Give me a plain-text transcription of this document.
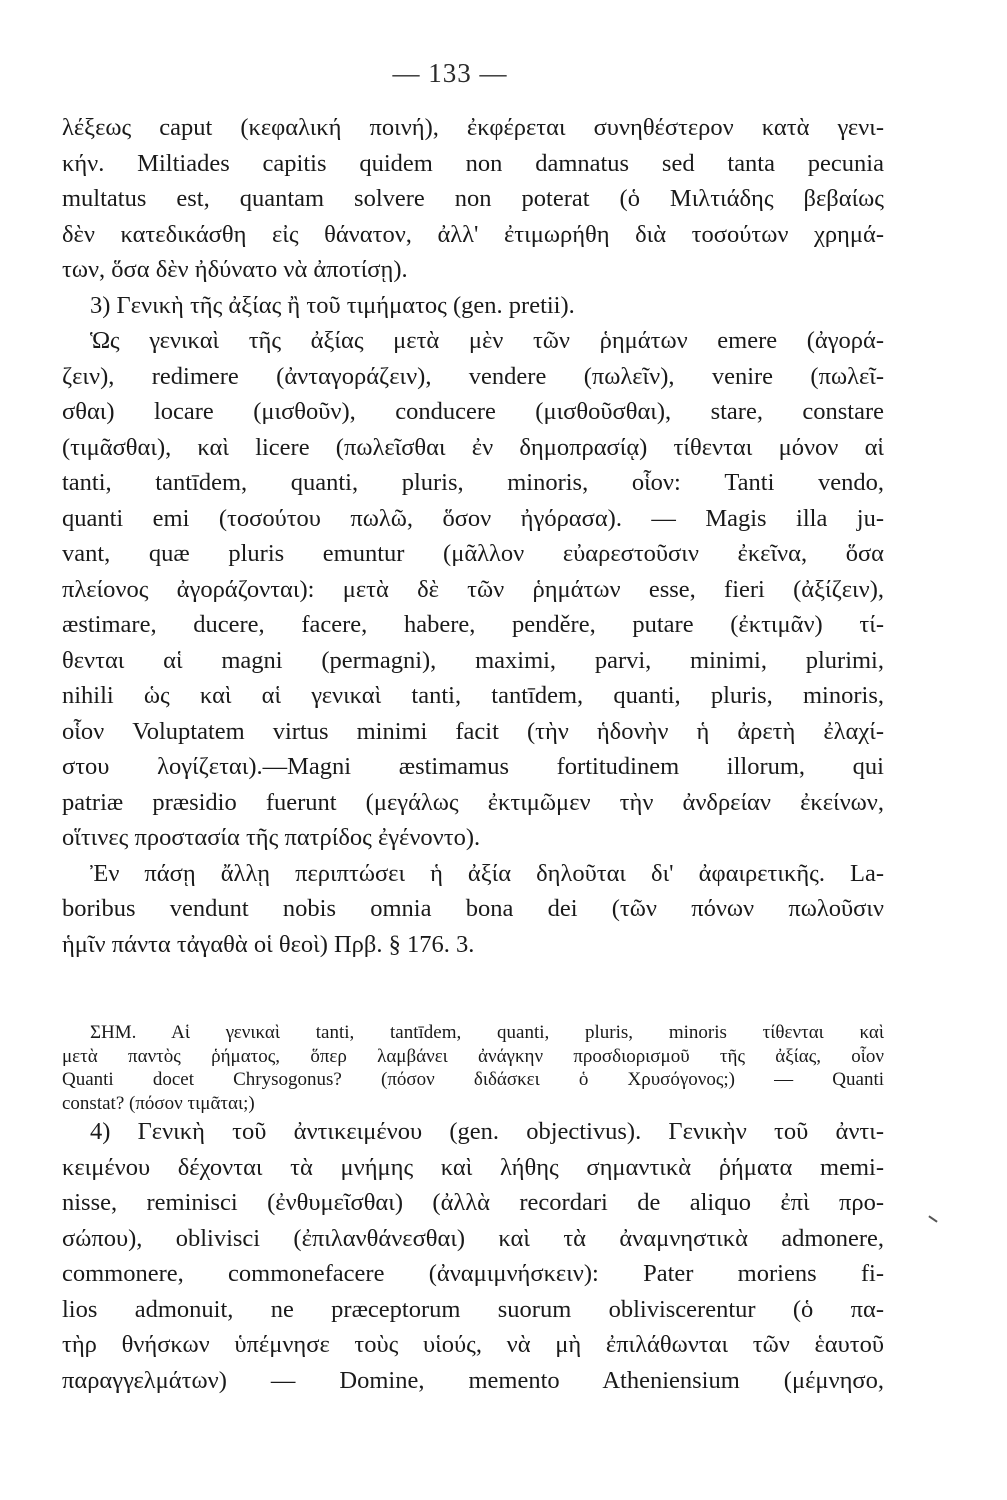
— 133 —
λέξεως caput (κεφαλική ποινή), ἐκφέρεται συνηθέστερον κατὰ γενι-
κήν. Miltiades capitis quidem non damnatus sed tanta pecunia
multatus est, quantam solvere non poterat (ὁ Μιλτιάδης βεβαίως
δὲν κατεδικάσθη εἰς θάνατον, ἀλλ' ἐτιμωρήθη διὰ τοσούτων χρημά-
των, ὅσα δὲν ἠδύνατο νὰ ἀποτίσῃ).
3) Γενικὴ τῆς ἀξίας ἢ τοῦ τιμήματος (gen. pretii).
Ὡς γενικαὶ τῆς ἀξίας μετὰ μὲν τῶν ῥημάτων emere (ἀγορά-
ζειν), redimere (ἀνταγοράζειν), vendere (πωλεῖν), venire (πωλεῖ-
σθαι) locare (μισθοῦν), conducere (μισθοῦσθαι), stare, constare
(τιμᾶσθαι), καὶ licere (πωλεῖσθαι ἐν δημοπρασίᾳ) τίθενται μόνον αἱ
tanti, tantīdem, quanti, pluris, minoris, οἷον: Tanti vendo,
quanti emi (τοσούτου πωλῶ, ὅσον ἠγόρασα). — Magis illa ju-
vant, quæ pluris emuntur (μᾶλλον εὐαρεστοῦσιν ἐκεῖνα, ὅσα
πλείονος ἀγοράζονται): μετὰ δὲ τῶν ῥημάτων esse, fieri (ἀξίζειν),
æstimare, ducere, facere, habere, penděre, putare (ἐκτιμᾶν) τί-
θενται αἱ magni (permagni), maximi, parvi, minimi, plurimi,
nihili ὡς καὶ αἱ γενικαὶ tanti, tantīdem, quanti, pluris, minoris,
οἷον Voluptatem virtus minimi facit (τὴν ἡδονὴν ἡ ἀρετὴ ἐλαχί-
στου λογίζεται).—Magni æstimamus fortitudinem illorum, qui
patriæ præsidio fuerunt (μεγάλως ἐκτιμῶμεν τὴν ἀνδρείαν ἐκείνων,
οἵτινες προστασία τῆς πατρίδος ἐγένοντο).
Ἐν πάσῃ ἄλλῃ περιπτώσει ἡ ἀξία δηλοῦται δι' ἀφαιρετικῆς. La-
boribus vendunt nobis omnia bona dei (τῶν πόνων πωλοῦσιν
ἡμῖν πάντα τἀγαθὰ οἱ θεοὶ) Πρβ. § 176. 3.
ΣΗΜ. Αἱ γενικαὶ tanti, tantīdem, quanti, pluris, minoris τίθενται καὶ
μετὰ παντὸς ῥήματος, ὅπερ λαμβάνει ἀνάγκην προσδιορισμοῦ τῆς ἀξίας, οἷον
Quanti docet Chrysogonus? (πόσον διδάσκει ὁ Χρυσόγονος;) — Quanti
constat? (πόσον τιμᾶται;)
4) Γενικὴ τοῦ ἀντικειμένου (gen. objectivus). Γενικὴν τοῦ ἀντι-
κειμένου δέχονται τὰ μνήμης καὶ λήθης σημαντικὰ ῥήματα memi-
nisse, reminisci (ἐνθυμεῖσθαι) (ἀλλὰ recordari de aliquo ἐπὶ προ-
σώπου), oblivisci (ἐπιλανθάνεσθαι) καὶ τὰ ἀναμνηστικὰ admonere,
commonere, commonefacere (ἀναμιμνήσκειν): Pater moriens fi-
lios admonuit, ne præceptorum suorum obliviscerentur (ὁ πα-
τὴρ θνήσκων ὑπέμνησε τοὺς υἱούς, νὰ μὴ ἐπιλάθωνται τῶν ἑαυτοῦ
παραγγελμάτων) — Domine, memento Atheniensium (μέμνησο,
